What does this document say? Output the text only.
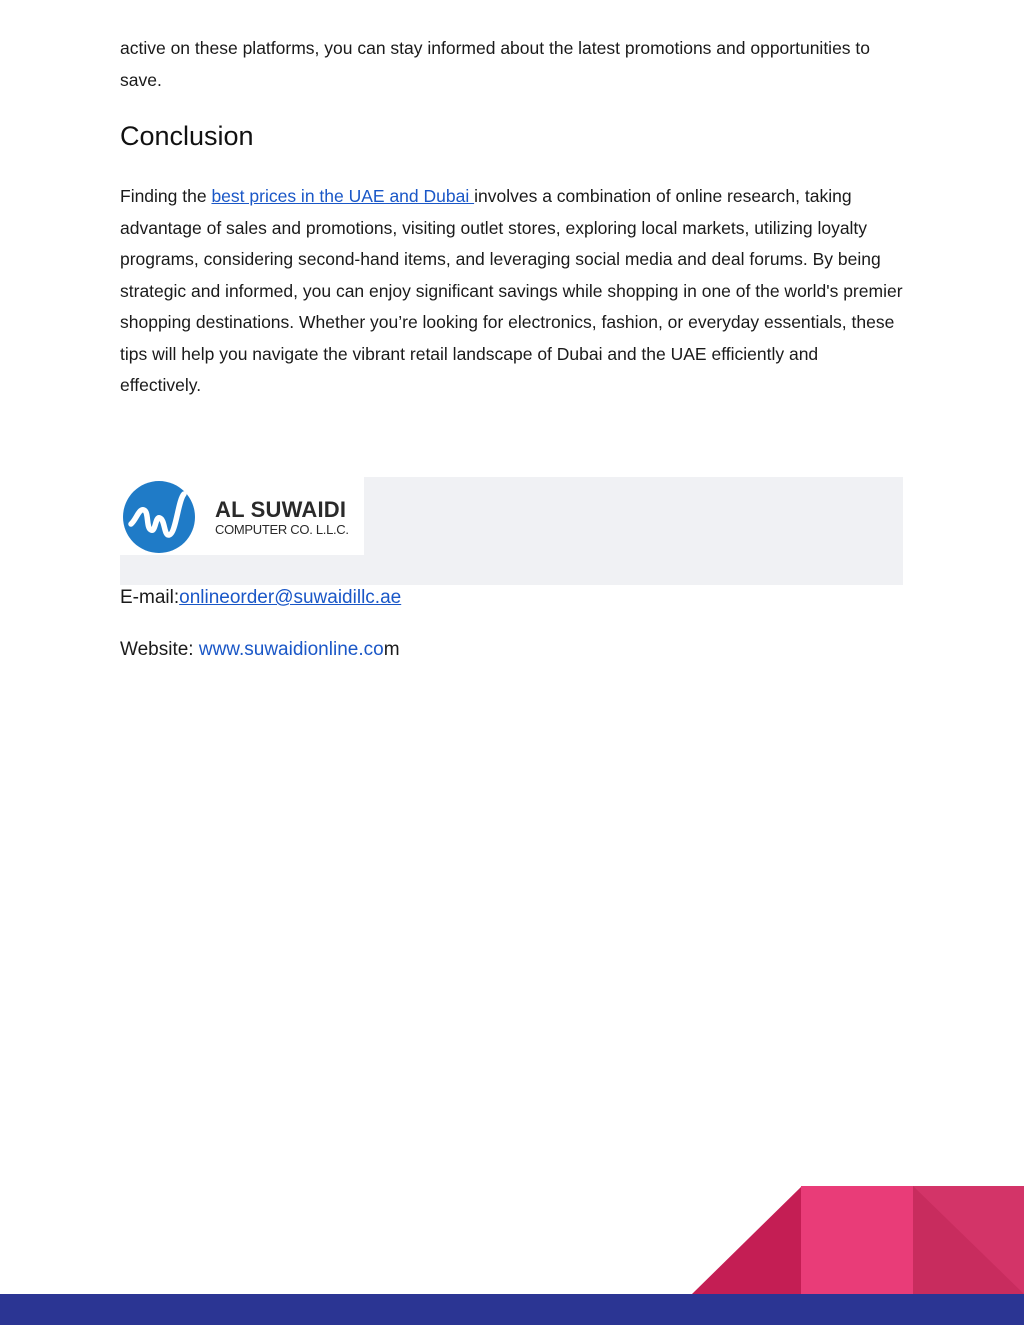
active on these platforms, you can stay informed about the latest promotions and opportunities to save.

Conclusion

Finding the best prices in the UAE and Dubai involves a combination of online research, taking advantage of sales and promotions, visiting outlet stores, exploring local markets, utilizing loyalty programs, considering second-hand items, and leveraging social media and deal forums. By being strategic and informed, you can enjoy significant savings while shopping in one of the world's premier shopping destinations. Whether you’re looking for electronics, fashion, or everyday essentials, these tips will help you navigate the vibrant retail landscape of Dubai and the UAE efficiently and effectively.

AL SUWAIDI
COMPUTER CO. L.L.C.
E-mail:onlineorder@suwaidillc.ae
Website: www.suwaidionline.com
